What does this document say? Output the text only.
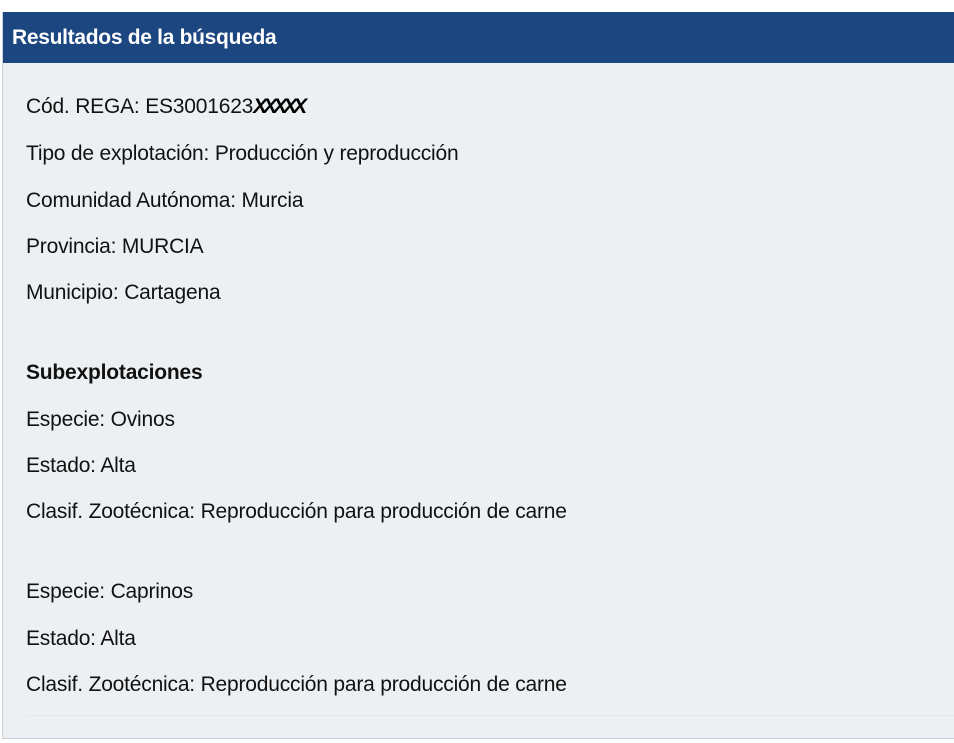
Resultados de la búsqueda
Cód. REGA: ES3001623XXXXX
Tipo de explotación: Producción y reproducción
Comunidad Autónoma: Murcia
Provincia: MURCIA
Municipio: Cartagena
Subexplotaciones
Especie: Ovinos
Estado: Alta
Clasif. Zootécnica: Reproducción para producción de carne
Especie: Caprinos
Estado: Alta
Clasif. Zootécnica: Reproducción para producción de carne
